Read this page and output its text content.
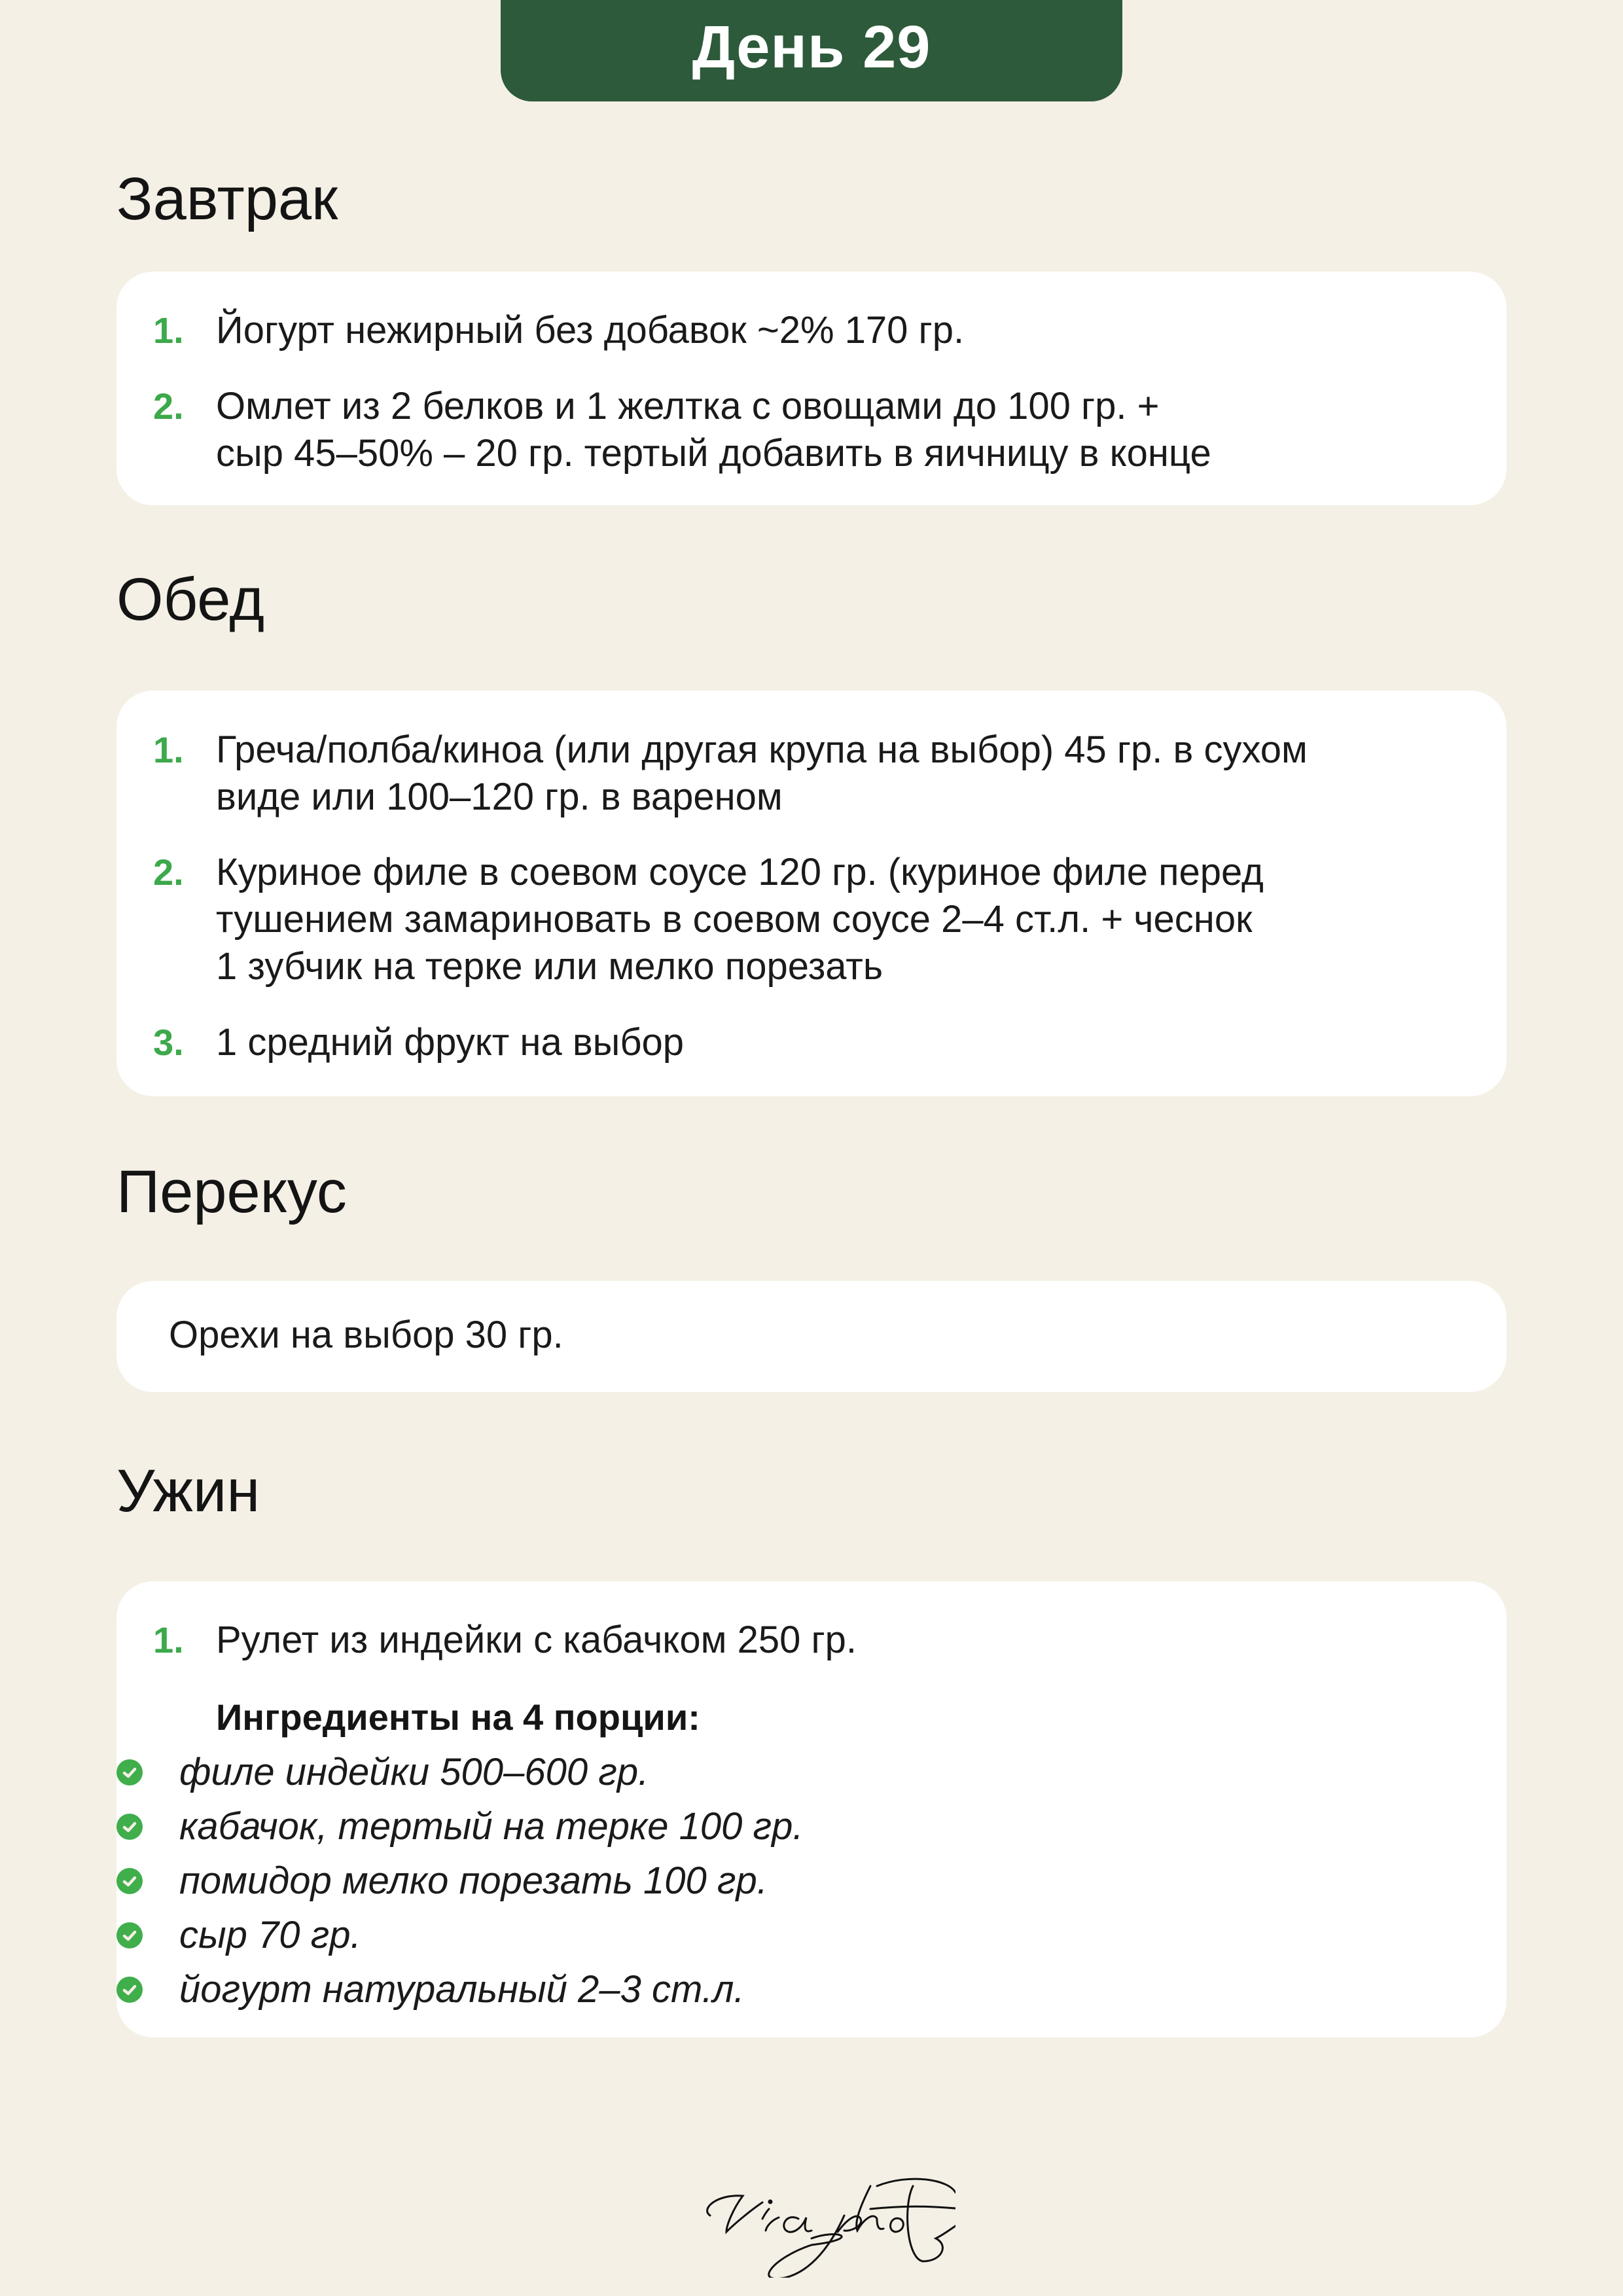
День 29
Завтрак
1. Йогурт нежирный без добавок ~2% 170 гр.
2. Омлет из 2 белков и 1 желтка с овощами до 100 гр. +
сыр 45–50% – 20 гр. тертый добавить в яичницу в конце
Обед
1. Греча/полба/киноа (или другая крупа на выбор) 45 гр. в сухом
виде или 100–120 гр. в вареном
2. Куриное филе в соевом соусе 120 гр. (куриное филе перед
тушением замариновать в соевом соусе 2–4 ст.л. + чеснок
1 зубчик на терке или мелко порезать
3. 1 средний фрукт на выбор
Перекус
Орехи на выбор 30 гр.
Ужин
1. Рулет из индейки с кабачком 250 гр.
Ингредиенты на 4 порции:
филе индейки 500–600 гр.
кабачок, тертый на терке 100 гр.
помидор мелко порезать 100 гр.
сыр 70 гр.
йогурт натуральный 2–3 ст.л.
